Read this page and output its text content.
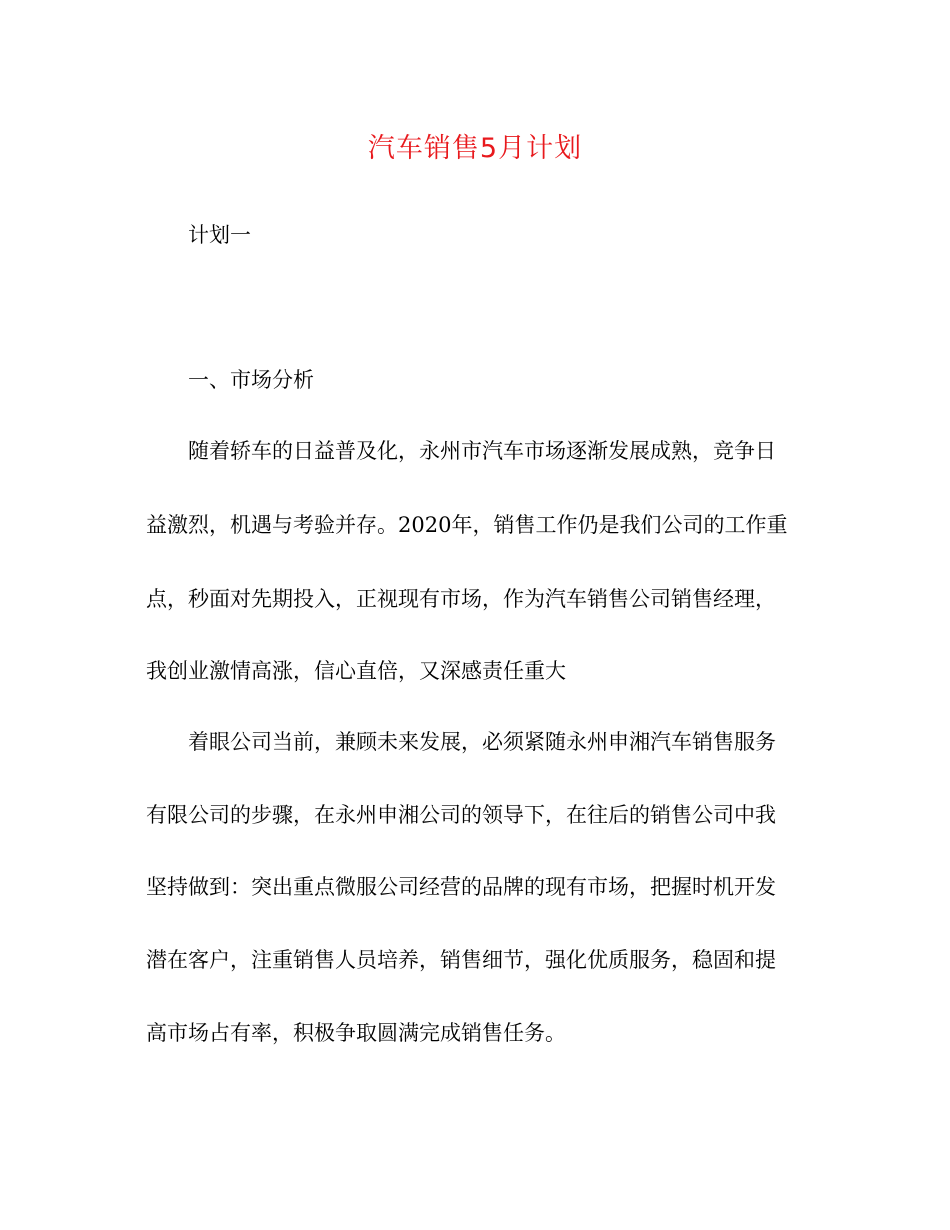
汽车销售5月计划

计划一

一、市场分析

随着轿车的日益普及化，永州市汽车市场逐渐发展成熟，竞争日

益激烈，机遇与考验并存。2020年，销售工作仍是我们公司的工作重

点，秒面对先期投入，正视现有市场，作为汽车销售公司销售经理，

我创业激情高涨，信心直倍，又深感责任重大

着眼公司当前，兼顾未来发展，必须紧随永州申湘汽车销售服务

有限公司的步骤，在永州申湘公司的领导下，在往后的销售公司中我

坚持做到：突出重点微服公司经营的品牌的现有市场，把握时机开发

潜在客户，注重销售人员培养，销售细节，强化优质服务，稳固和提

高市场占有率，积极争取圆满完成销售任务。
